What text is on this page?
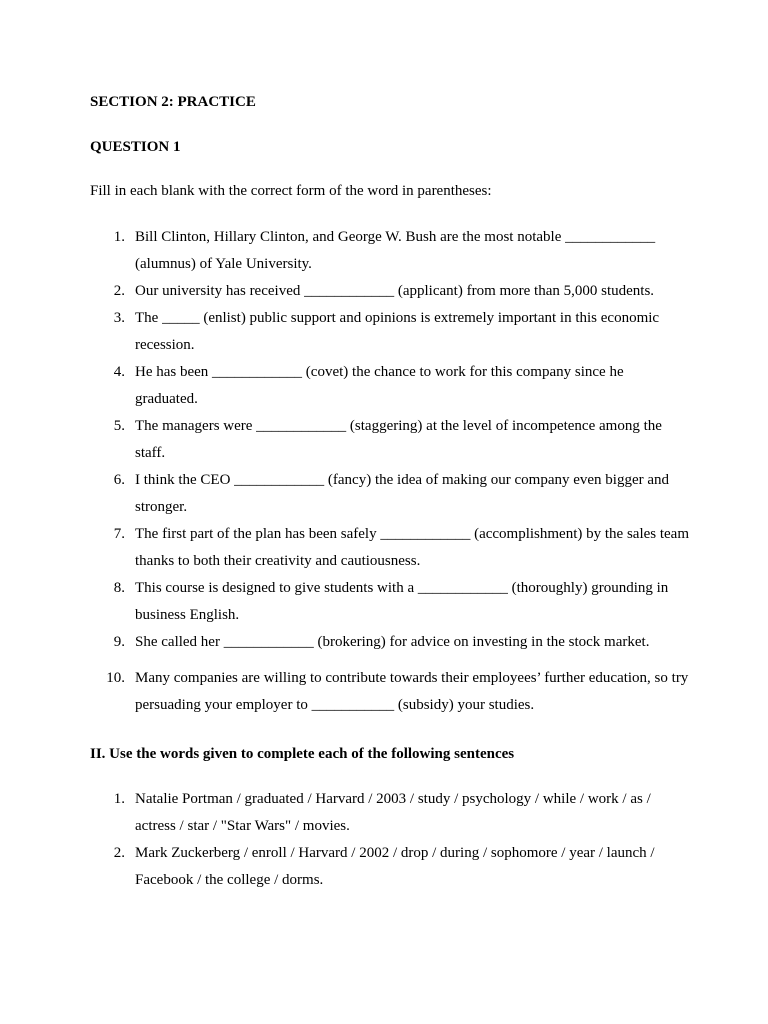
SECTION 2: PRACTICE
QUESTION 1
Fill in each blank with the correct form of the word in parentheses:
1. Bill Clinton, Hillary Clinton, and George W. Bush are the most notable ____________ (alumnus) of Yale University.
2. Our university has received ____________ (applicant) from more than 5,000 students.
3. The _____ (enlist) public support and opinions is extremely important in this economic recession.
4. He has been ____________ (covet) the chance to work for this company since he graduated.
5. The managers were ____________ (staggering) at the level of incompetence among the staff.
6. I think the CEO ____________ (fancy) the idea of making our company even bigger and stronger.
7. The first part of the plan has been safely ____________ (accomplishment) by the sales team thanks to both their creativity and cautiousness.
8. This course is designed to give students with a ____________ (thoroughly) grounding in business English.
9. She called her ____________ (brokering) for advice on investing in the stock market.
10. Many companies are willing to contribute towards their employees’ further education, so try persuading your employer to ___________ (subsidy) your studies.
II. Use the words given to complete each of the following sentences
1. Natalie Portman / graduated / Harvard / 2003 / study / psychology / while / work / as / actress / star / "Star Wars" / movies.
2. Mark Zuckerberg / enroll / Harvard / 2002 / drop / during / sophomore / year / launch / Facebook / the college / dorms.
